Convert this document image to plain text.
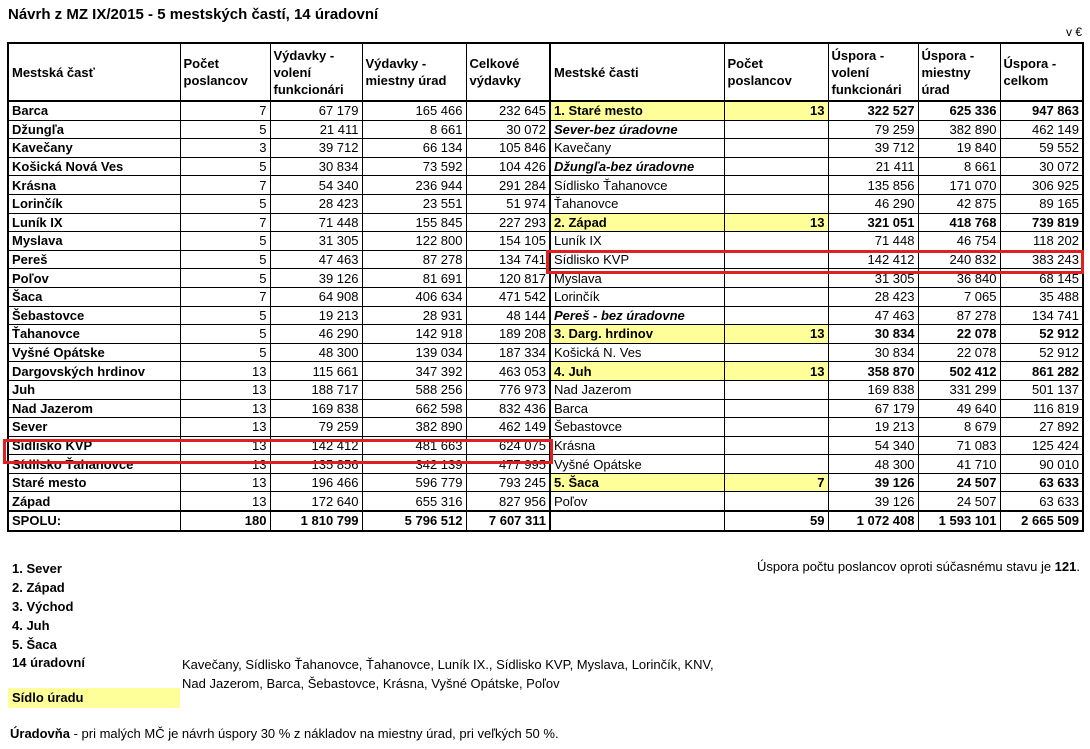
Návrh z MZ IX/2015 - 5 mestských častí, 14 úradovní
v €
Mestská časť	Počet poslancov	Výdavky - volení funkcionári	Výdavky - miestny úrad	Celkové výdavky	Mestské časti	Počet poslancov	Úspora - volení funkcionári	Úspora - miestny úrad	Úspora - celkom
Barca	7	67 179	165 466	232 645	1. Staré mesto	13	322 527	625 336	947 863
Džungľa	5	21 411	8 661	30 072	Sever-bez úradovne		79 259	382 890	462 149
Kavečany	3	39 712	66 134	105 846	Kavečany		39 712	19 840	59 552
Košická Nová Ves	5	30 834	73 592	104 426	Džungľa-bez úradovne		21 411	8 661	30 072
Krásna	7	54 340	236 944	291 284	Sídlisko Ťahanovce		135 856	171 070	306 925
Lorinčík	5	28 423	23 551	51 974	Ťahanovce		46 290	42 875	89 165
Luník IX	7	71 448	155 845	227 293	2. Západ	13	321 051	418 768	739 819
Myslava	5	31 305	122 800	154 105	Luník IX		71 448	46 754	118 202
Pereš	5	47 463	87 278	134 741	Sídlisko KVP		142 412	240 832	383 243
Poľov	5	39 126	81 691	120 817	Myslava		31 305	36 840	68 145
Šaca	7	64 908	406 634	471 542	Lorinčík		28 423	7 065	35 488
Šebastovce	5	19 213	28 931	48 144	Pereš - bez úradovne		47 463	87 278	134 741
Ťahanovce	5	46 290	142 918	189 208	3. Darg. hrdinov	13	30 834	22 078	52 912
Vyšné Opátske	5	48 300	139 034	187 334	Košická N. Ves		30 834	22 078	52 912
Dargovských hrdinov	13	115 661	347 392	463 053	4. Juh	13	358 870	502 412	861 282
Juh	13	188 717	588 256	776 973	Nad Jazerom		169 838	331 299	501 137
Nad Jazerom	13	169 838	662 598	832 436	Barca		67 179	49 640	116 819
Sever	13	79 259	382 890	462 149	Šebastovce		19 213	8 679	27 892
Sídlisko KVP	13	142 412	481 663	624 075	Krásna		54 340	71 083	125 424
Sídlisko Ťahanovce	13	135 856	342 139	477 995	Vyšné Opátske		48 300	41 710	90 010
Staré mesto	13	196 466	596 779	793 245	5. Šaca	7	39 126	24 507	63 633
Západ	13	172 640	655 316	827 956	Poľov		39 126	24 507	63 633
SPOLU:	180	1 810 799	5 796 512	7 607 311		59	1 072 408	1 593 101	2 665 509
1. Sever
2. Západ
3. Východ
4. Juh
5. Šaca
Úspora počtu poslancov oproti súčasnému stavu je 121.
14 úradovní	Kavečany, Sídlisko Ťahanovce, Ťahanovce, Luník IX., Sídlisko KVP, Myslava, Lorinčík, KNV,
Nad Jazerom, Barca, Šebastovce, Krásna, Vyšné Opátske, Poľov
Sídlo úradu
Úradovňa - pri malých MČ je návrh úspory 30 % z nákladov na miestny úrad, pri veľkých 50 %.
